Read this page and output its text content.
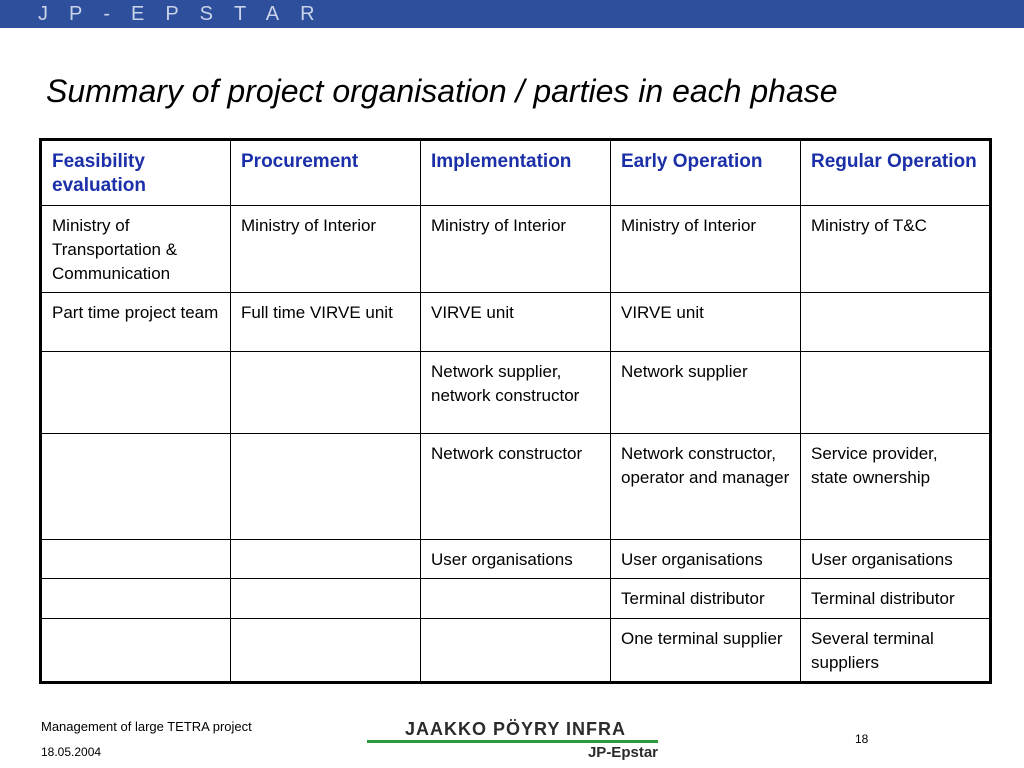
JP-EPSTAR
Summary of project organisation / parties in each phase
Feasibility evaluation	Procurement	Implementation	Early Operation	Regular Operation
Ministry of Transportation & Communication	Ministry of Interior	Ministry of Interior	Ministry of Interior	Ministry of T&C
Part time project team	Full time VIRVE unit	VIRVE unit	VIRVE unit	
		Network supplier, network constructor	Network supplier	
		Network constructor	Network constructor, operator and manager	Service provider, state ownership
		User organisations	User organisations	User organisations
			Terminal distributor	Terminal distributor
			One terminal supplier	Several terminal suppliers
Management of large TETRA project
18.05.2004
JAAKKO PÖYRY INFRA
JP-Epstar
18
